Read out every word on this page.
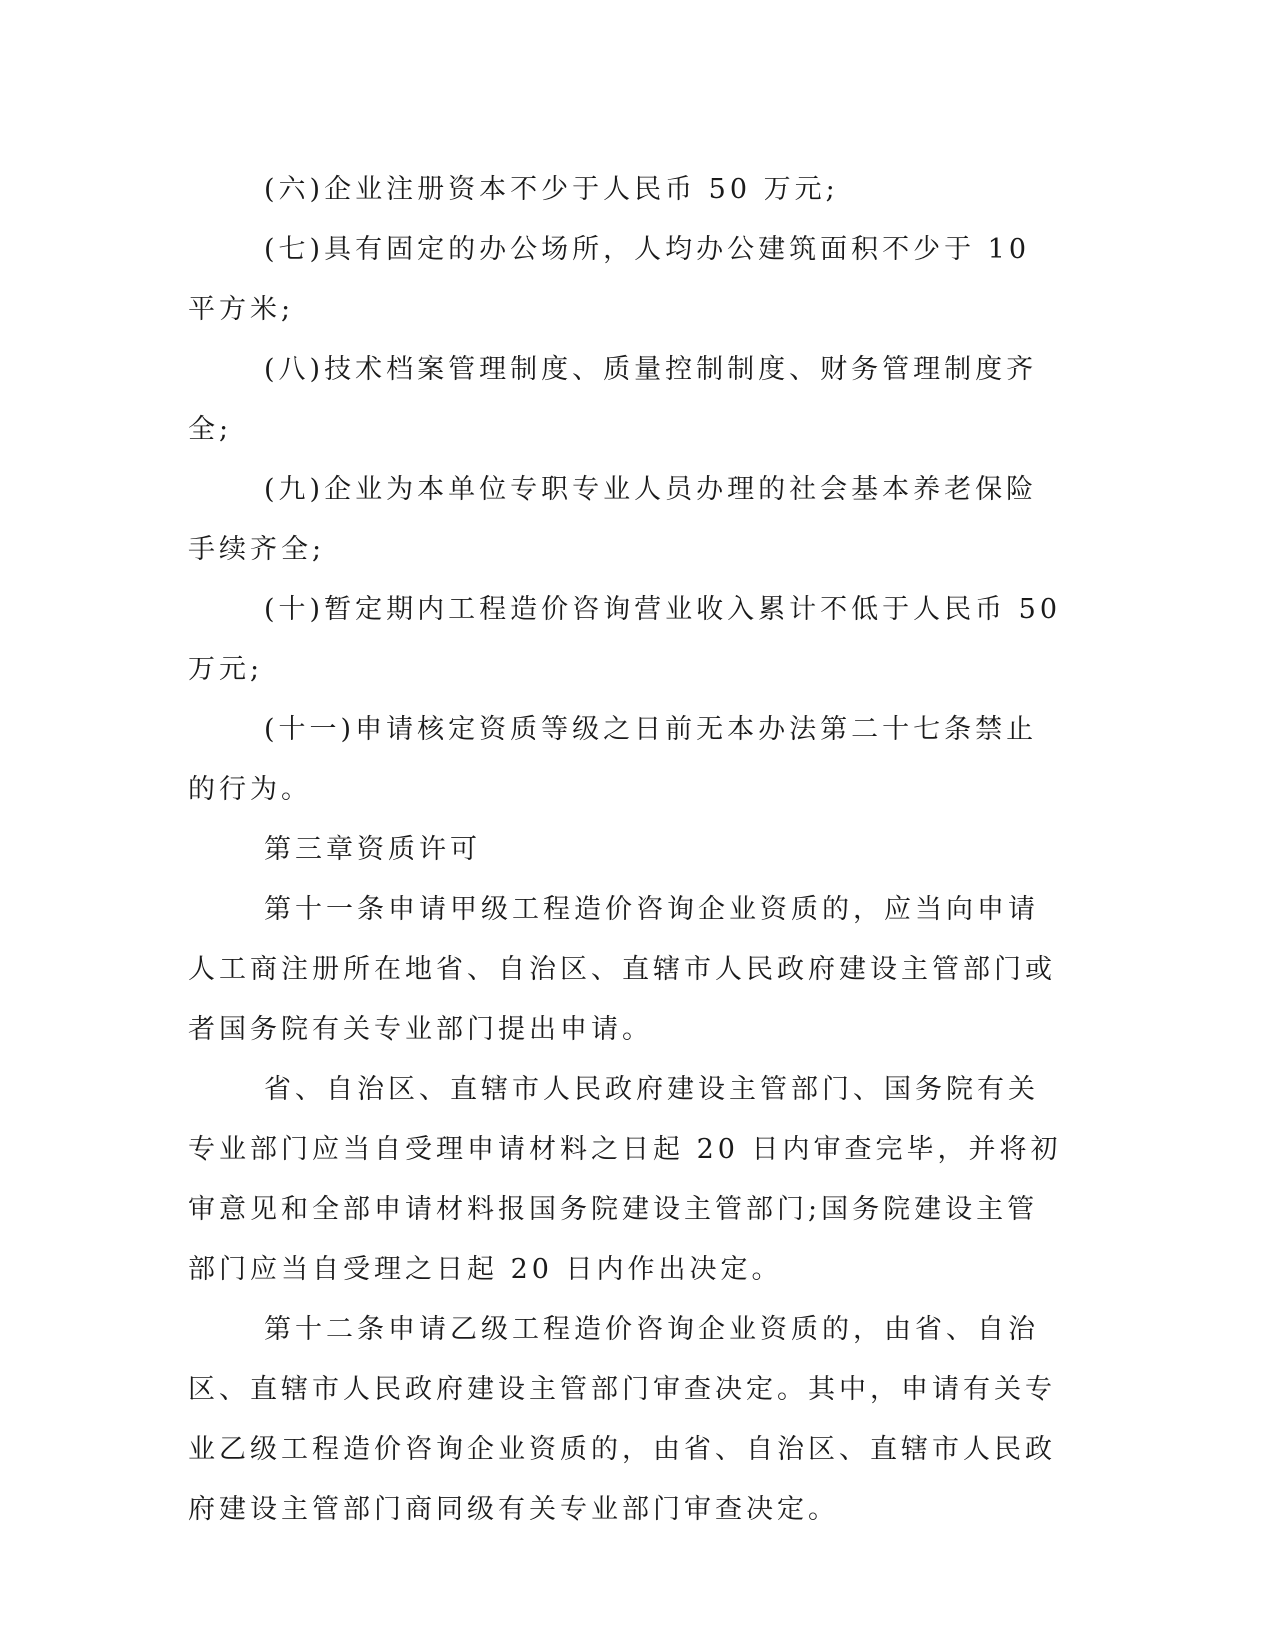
(六)企业注册资本不少于人民币 50 万元;

(七)具有固定的办公场所，人均办公建筑面积不少于 10 平方米;

(八)技术档案管理制度、质量控制制度、财务管理制度齐全;

(九)企业为本单位专职专业人员办理的社会基本养老保险手续齐全;

(十)暂定期内工程造价咨询营业收入累计不低于人民币 50 万元;

(十一)申请核定资质等级之日前无本办法第二十七条禁止的行为。

第三章资质许可

第十一条申请甲级工程造价咨询企业资质的，应当向申请人工商注册所在地省、自治区、直辖市人民政府建设主管部门或者国务院有关专业部门提出申请。

省、自治区、直辖市人民政府建设主管部门、国务院有关专业部门应当自受理申请材料之日起 20 日内审查完毕，并将初审意见和全部申请材料报国务院建设主管部门;国务院建设主管部门应当自受理之日起 20 日内作出决定。

第十二条申请乙级工程造价咨询企业资质的，由省、自治区、直辖市人民政府建设主管部门审查决定。其中，申请有关专业乙级工程造价咨询企业资质的，由省、自治区、直辖市人民政府建设主管部门商同级有关专业部门审查决定。
